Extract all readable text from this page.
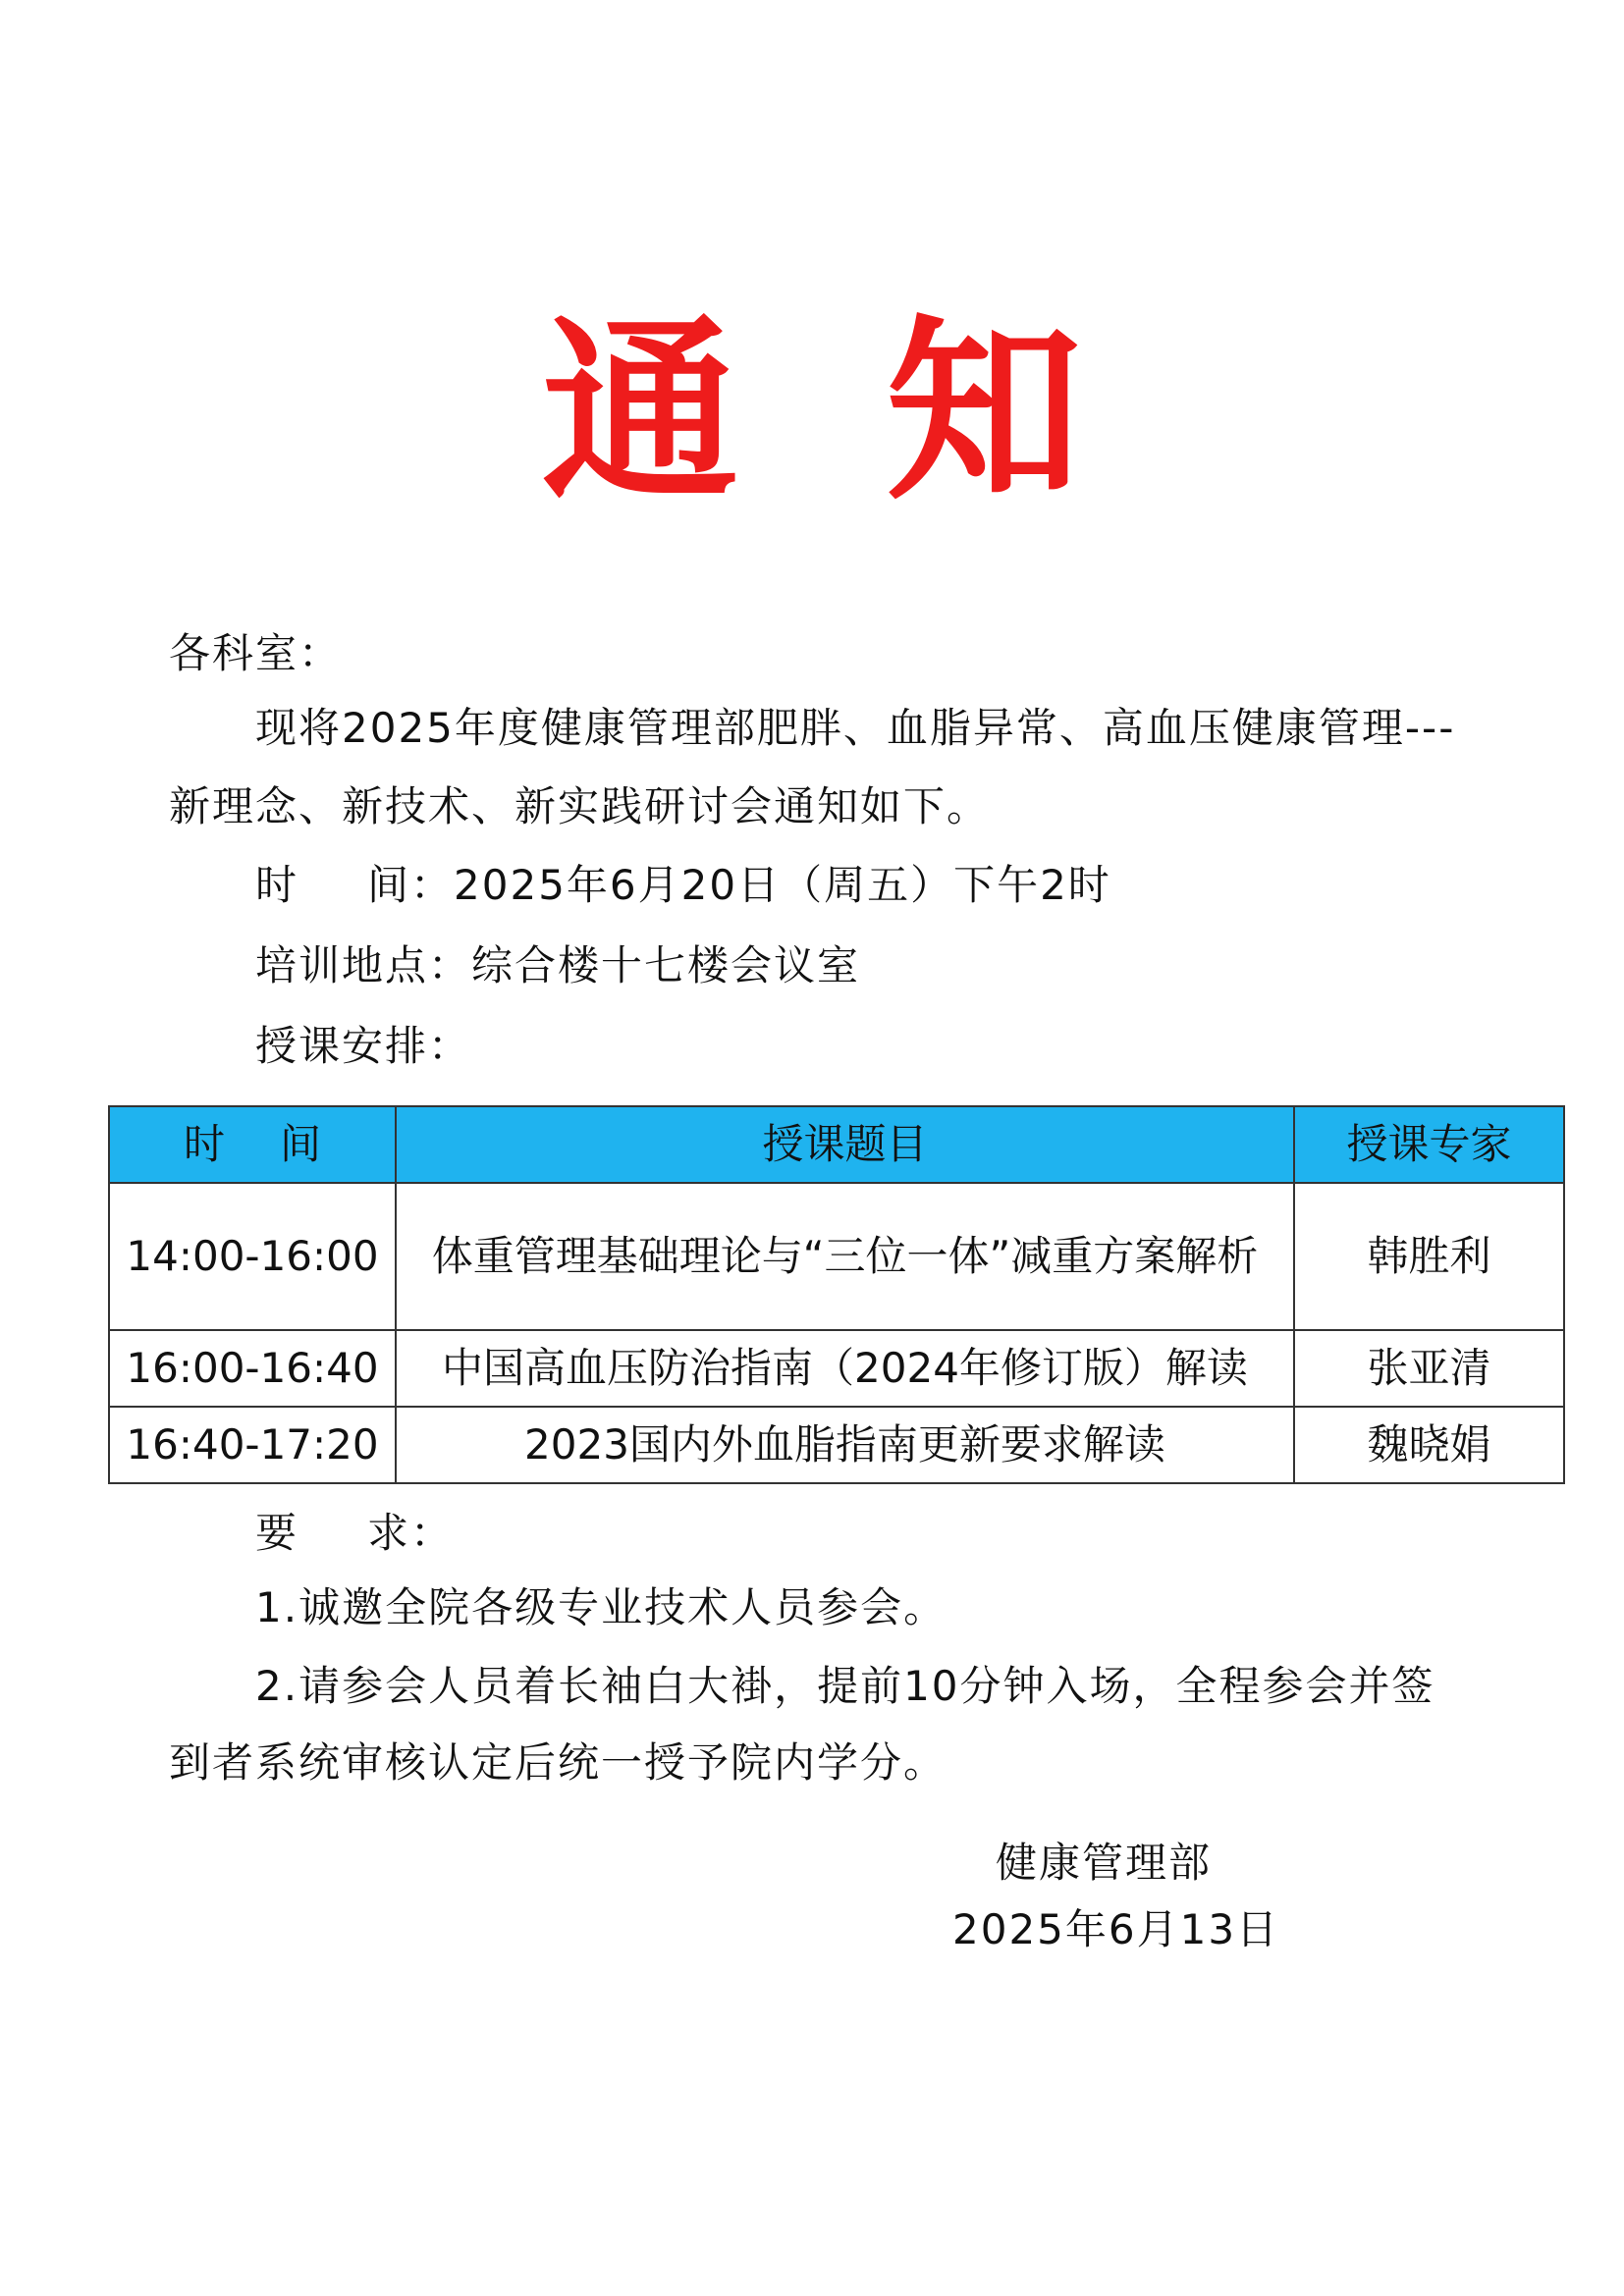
通 知
各科室：
现将2025年度健康管理部肥胖、血脂异常、高血压健康管理---
新理念、新技术、新实践研讨会通知如下。
时 间：2025年6月20日（周五）下午2时
培训地点：综合楼十七楼会议室
授课安排：
时 间	授课题目	授课专家
14:00-16:00	体重管理基础理论与“三位一体”减重方案解析	韩胜利
16:00-16:40	中国高血压防治指南（2024年修订版）解读	张亚清
16:40-17:20	2023国内外血脂指南更新要求解读	魏晓娟
要 求：
1.诚邀全院各级专业技术人员参会。
2.请参会人员着长袖白大褂，提前10分钟入场，全程参会并签
到者系统审核认定后统一授予院内学分。
健康管理部
2025年6月13日
